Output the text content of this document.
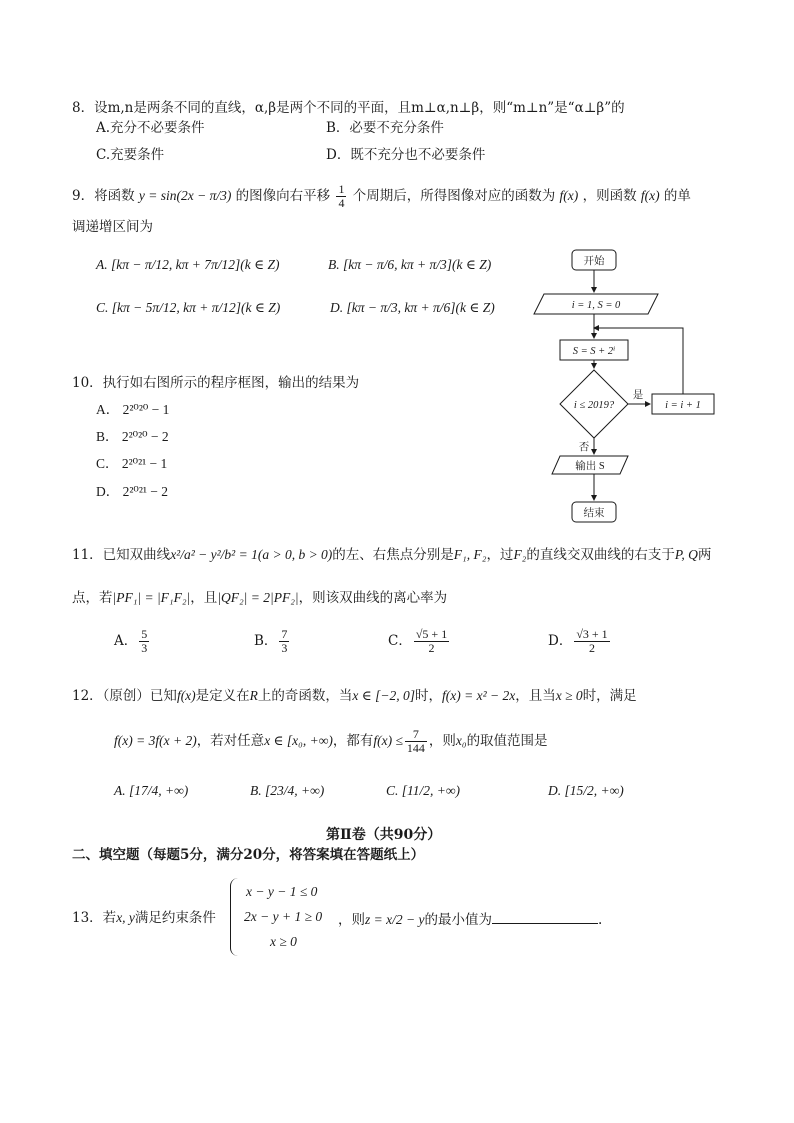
8．设m,n是两条不同的直线，α,β是两个不同的平面，且m⊥α,n⊥β，则“m⊥n”是“α⊥β”的
A.充分不必要条件	B．必要不充分条件
C.充要条件	D．既不充分也不必要条件
9．将函数 y = sin(2x − π/3) 的图像向右平移 $\frac{1}{4}$ 个周期后，所得图像对应的函数为 f(x) ，则函数 f(x) 的单
调递增区间为
A. [kπ − π/12, kπ + 7π/12](k ∈ Z)	B. [kπ − π/6, kπ + π/3](k ∈ Z)
C. [kπ − 5π/12, kπ + π/12](k ∈ Z)	D. [kπ − π/3, kπ + π/6](k ∈ Z)
开始
i = 1, S = 0
S = S + 2ⁱ
i ≤ 2019?
是
i = i + 1
否
输出 S
结束
10．执行如右图所示的程序框图，输出的结果为
A． 2²⁰²⁰ − 1
B． 2²⁰²⁰ − 2
C． 2²⁰²¹ − 1
D． 2²⁰²¹ − 2
11．已知双曲线x²/a² − y²/b² = 1(a > 0, b > 0)的左、右焦点分别是F₁, F₂，过F₂的直线交双曲线的右支于P, Q两
点，若|PF₁| = |F₁F₂|，且|QF₂| = 2|PF₂|，则该双曲线的离心率为
A． $\frac{5}{3}$	B． $\frac{7}{3}$	C． $\frac{√5 + 1}{2}$	D． $\frac{√3 + 1}{2}$
12．（原创）已知f(x)是定义在R上的奇函数，当x ∈ [−2, 0]时，f(x) = x² − 2x，且当x ≥ 0时，满足
f(x) = 3f(x + 2)，若对任意x ∈ [x₀, +∞)，都有$f(x) \le \frac{7}{144}$ ，则x₀的取值范围是
A. [17/4, +∞)	B. [23/4, +∞)	C. [11/2, +∞)	D. [15/2, +∞)
第Ⅱ卷（共90分）
二、填空题（每题5分，满分20分，将答案填在答题纸上）
13．若x, y满足约束条件
x − y − 1 ≤ 0
2x − y + 1 ≥ 0
x ≥ 0
，则z = x/2 − y的最小值为	.
